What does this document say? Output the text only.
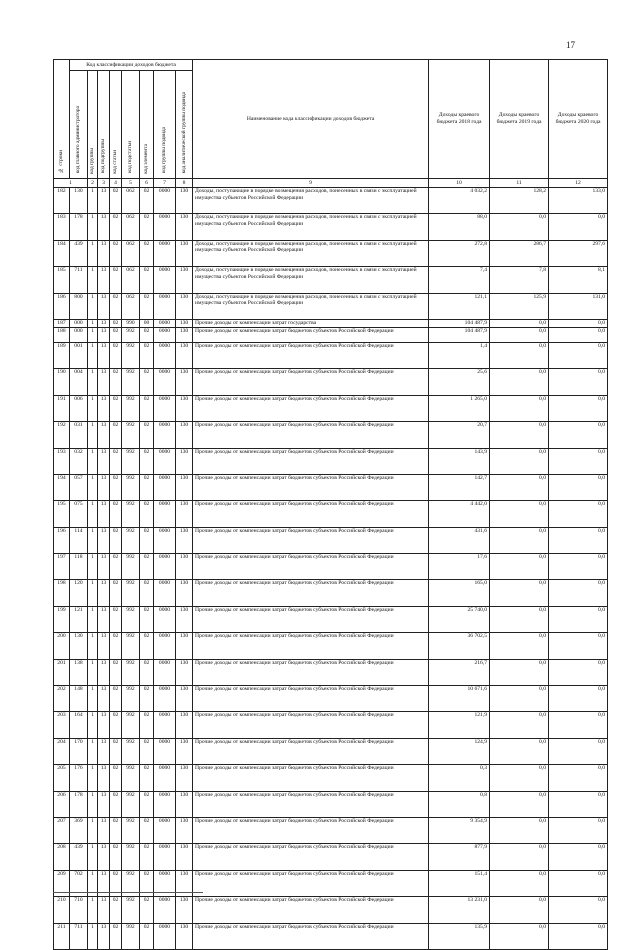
17
№ строки	Код классификации доходов бюджета								Наименование кода классификации доходов бюджета	Доходы краевого бюджета 2018 года	Доходы краевого бюджета 2019 года	Доходы краевого бюджета 2020 года
	код главного администратора	код группы	код подгруппы	код статьи	код подстатьи	код элемента	код группы подвида	код аналитической группы подвида				
1		2	3	4	5	6	7	8	9	10	11	12
182	130	1	13	02	062	02	0000	130	Доходы, поступающие в порядке возмещения расходов, понесенных в связи с эксплуатацией имущества субъектов Российской Федерации	4 032,2	128,2	133,0
183	178	1	13	02	062	02	0000	130	Доходы, поступающие в порядке возмещения расходов, понесенных в связи с эксплуатацией имущества субъектов Российской Федерации	88,0	0,0	0,0
184	439	1	13	02	062	02	0000	130	Доходы, поступающие в порядке возмещения расходов, понесенных в связи с эксплуатацией имущества субъектов Российской Федерации	272,8	286,7	297,6
185	711	1	13	02	062	02	0000	130	Доходы, поступающие в порядке возмещения расходов, понесенных в связи с эксплуатацией имущества субъектов Российской Федерации	7,4	7,8	8,1
186	800	1	13	02	062	02	0000	130	Доходы, поступающие в порядке возмещения расходов, понесенных в связи с эксплуатацией имущества субъектов Российской Федерации	121,1	125,9	131,0
187	000	1	13	02	990	00	0000	130	Прочие доходы от компенсации затрат государства	104 487,9	0,0	0,0
188	000	1	13	02	992	02	0000	130	Прочие доходы от компенсации затрат бюджетов субъектов Российской Федерации	104 487,9	0,0	0,0
189	001	1	13	02	992	02	0000	130	Прочие доходы от компенсации затрат бюджетов субъектов Российской Федерации	1,4	0,0	0,0
190	004	1	13	02	992	02	0000	130	Прочие доходы от компенсации затрат бюджетов субъектов Российской Федерации	25,6	0,0	0,0
191	006	1	13	02	992	02	0000	130	Прочие доходы от компенсации затрат бюджетов субъектов Российской Федерации	1 265,0	0,0	0,0
192	031	1	13	02	992	02	0000	130	Прочие доходы от компенсации затрат бюджетов субъектов Российской Федерации	20,7	0,0	0,0
193	032	1	13	02	992	02	0000	130	Прочие доходы от компенсации затрат бюджетов субъектов Российской Федерации	143,9	0,0	0,0
194	057	1	13	02	992	02	0000	130	Прочие доходы от компенсации затрат бюджетов субъектов Российской Федерации	142,7	0,0	0,0
195	075	1	13	02	992	02	0000	130	Прочие доходы от компенсации затрат бюджетов субъектов Российской Федерации	4 442,0	0,0	0,0
196	114	1	13	02	992	02	0000	130	Прочие доходы от компенсации затрат бюджетов субъектов Российской Федерации	431,6	0,0	0,0
197	118	1	13	02	992	02	0000	130	Прочие доходы от компенсации затрат бюджетов субъектов Российской Федерации	17,6	0,0	0,0
198	120	1	13	02	992	02	0000	130	Прочие доходы от компенсации затрат бюджетов субъектов Российской Федерации	165,0	0,0	0,0
199	121	1	13	02	992	02	0000	130	Прочие доходы от компенсации затрат бюджетов субъектов Российской Федерации	25 740,0	0,0	0,0
200	130	1	13	02	992	02	0000	130	Прочие доходы от компенсации затрат бюджетов субъектов Российской Федерации	36 702,5	0,0	0,0
201	138	1	13	02	992	02	0000	130	Прочие доходы от компенсации затрат бюджетов субъектов Российской Федерации	216,7	0,0	0,0
202	148	1	13	02	992	02	0000	130	Прочие доходы от компенсации затрат бюджетов субъектов Российской Федерации	10 671,6	0,0	0,0
203	164	1	13	02	992	02	0000	130	Прочие доходы от компенсации затрат бюджетов субъектов Российской Федерации	121,9	0,0	0,0
204	170	1	13	02	992	02	0000	130	Прочие доходы от компенсации затрат бюджетов субъектов Российской Федерации	124,9	0,0	0,0
205	176	1	13	02	992	02	0000	130	Прочие доходы от компенсации затрат бюджетов субъектов Российской Федерации	0,3	0,0	0,0
206	178	1	13	02	992	02	0000	130	Прочие доходы от компенсации затрат бюджетов субъектов Российской Федерации	0,8	0,0	0,0
207	369	1	13	02	992	02	0000	130	Прочие доходы от компенсации затрат бюджетов субъектов Российской Федерации	9 354,9	0,0	0,0
208	439	1	13	02	992	02	0000	130	Прочие доходы от компенсации затрат бюджетов субъектов Российской Федерации	877,9	0,0	0,0
209	702	1	13	02	992	02	0000	130	Прочие доходы от компенсации затрат бюджетов субъектов Российской Федерации	151,4	0,0	0,0
210	710	1	13	02	992	02	0000	130	Прочие доходы от компенсации затрат бюджетов субъектов Российской Федерации	13 231,0	0,0	0,0
211	711	1	13	02	992	02	0000	130	Прочие доходы от компенсации затрат бюджетов субъектов Российской Федерации	135,9	0,0	0,0
